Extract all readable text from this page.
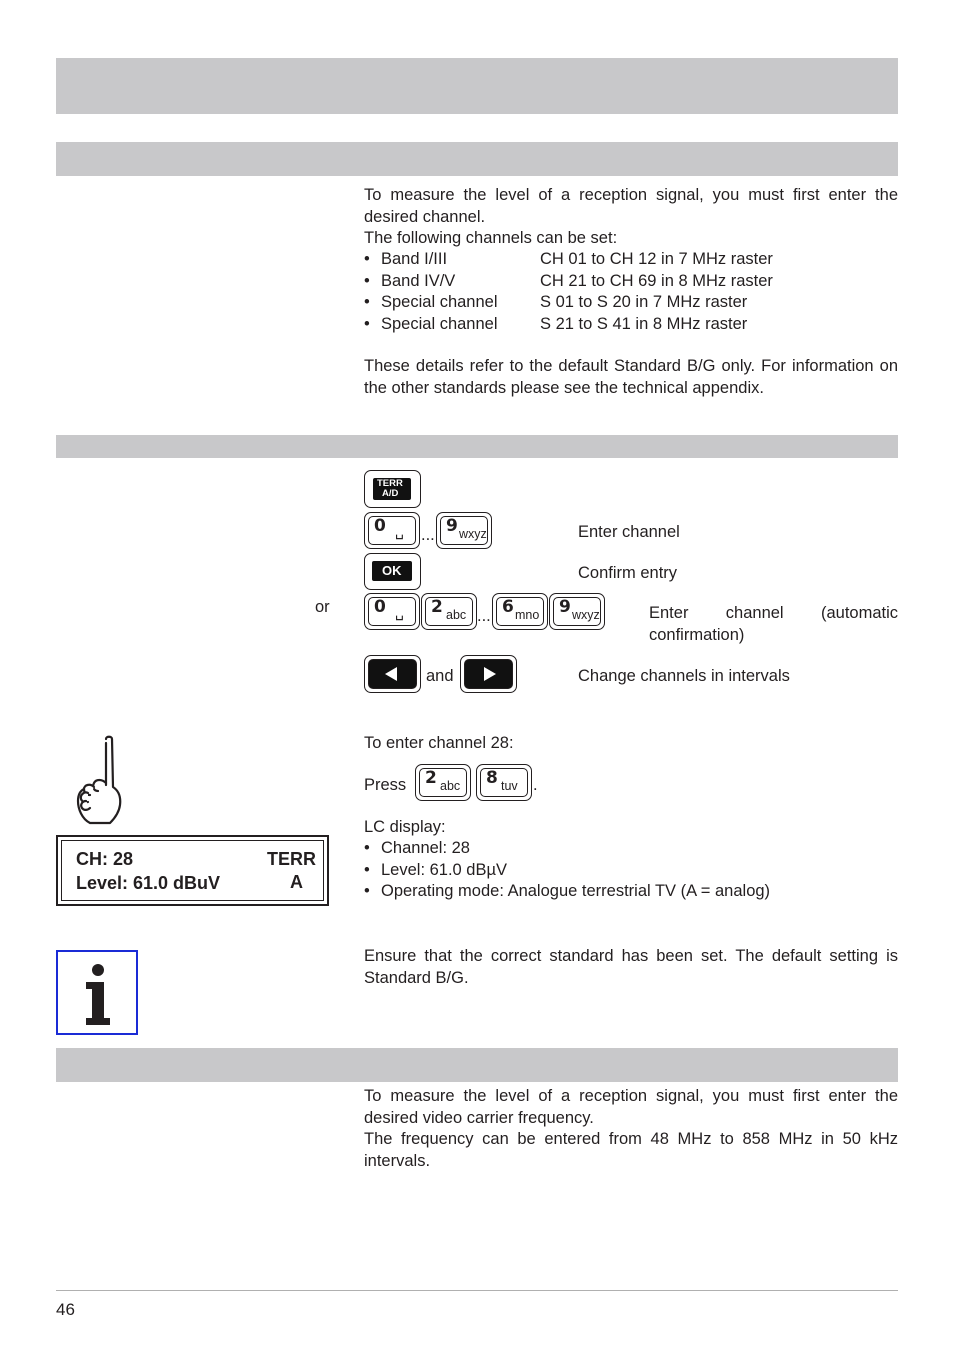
To measure the level of a reception signal, you must first enter the desired channel.
The following channels can be set:
• Band I/III	CH 01 to CH 12 in 7 MHz raster
• Band IV/V	CH 21 to CH 69 in 8 MHz raster
• Special channel	S 01 to S 20 in 7 MHz raster
• Special channel	S 21 to S 41 in 8 MHz raster
These details refer to the default Standard B/G only. For information on the other standards please see the technical appendix.
TERR
A/D
0 ␣ ... 9 wxyz	Enter channel
OK	Confirm entry
or	0 ␣ 2 abc ... 6 mno 9 wxyz	Enter channel (automatic confirmation)
and	Change channels in intervals
CH: 28	TERR
Level: 61.0 dBuV	A
To enter channel 28:
Press 2 abc 8 tuv .
LC display:
• Channel: 28
• Level: 61.0 dBµV
• Operating mode: Analogue terrestrial TV (A = analog)
Ensure that the correct standard has been set. The default setting is Standard B/G.
To measure the level of a reception signal, you must first enter the desired video carrier frequency.
The frequency can be entered from 48 MHz to 858 MHz in 50 kHz intervals.
46
